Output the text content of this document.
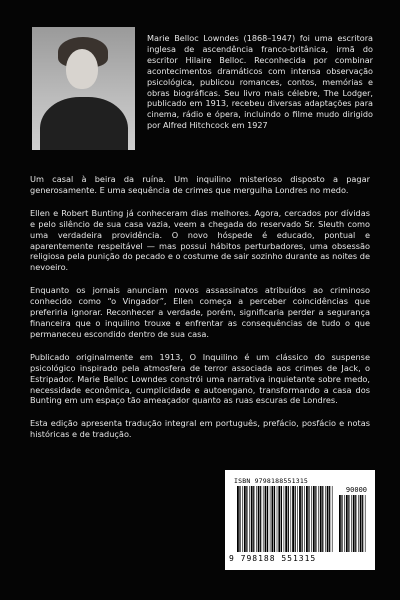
Marie Belloc Lowndes (1868–1947) foi uma escritora inglesa de ascendência franco-britânica, irmã do escritor Hilaire Belloc. Reconhecida por combinar acontecimentos dramáticos com intensa observação psicológica, publicou romances, contos, memórias e obras biográficas. Seu livro mais célebre, The Lodger, publicado em 1913, recebeu diversas adaptações para cinema, rádio e ópera, incluindo o filme mudo dirigido por Alfred Hitchcock em 1927

Um casal à beira da ruína. Um inquilino misterioso disposto a pagar generosamente. E uma sequência de crimes que mergulha Londres no medo.

Ellen e Robert Bunting já conheceram dias melhores. Agora, cercados por dívidas e pelo silêncio de sua casa vazia, veem a chegada do reservado Sr. Sleuth como uma verdadeira providência. O novo hóspede é educado, pontual e aparentemente respeitável — mas possui hábitos perturbadores, uma obsessão religiosa pela punição do pecado e o costume de sair sozinho durante as noites de nevoeiro.

Enquanto os jornais anunciam novos assassinatos atribuídos ao criminoso conhecido como “o Vingador”, Ellen começa a perceber coincidências que preferiria ignorar. Reconhecer a verdade, porém, significaria perder a segurança financeira que o inquilino trouxe e enfrentar as consequências de tudo o que permaneceu escondido dentro de sua casa.

Publicado originalmente em 1913, O Inquilino é um clássico do suspense psicológico inspirado pela atmosfera de terror associada aos crimes de Jack, o Estripador. Marie Belloc Lowndes constrói uma narrativa inquietante sobre medo, necessidade econômica, cumplicidade e autoengano, transformando a casa dos Bunting em um espaço tão ameaçador quanto as ruas escuras de Londres.

Esta edição apresenta tradução integral em português, prefácio, posfácio e notas históricas e de tradução.

ISBN 9798188551315
90000
9 798188 551315
